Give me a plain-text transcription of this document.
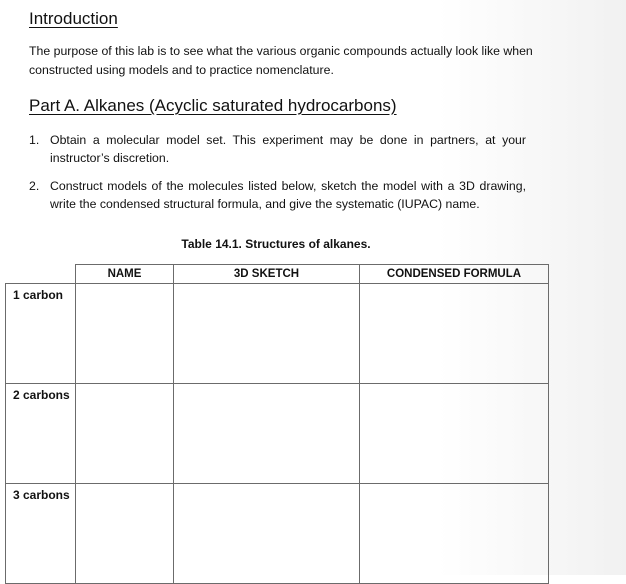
Introduction

The purpose of this lab is to see what the various organic compounds actually look like when constructed using models and to practice nomenclature.

Part A. Alkanes (Acyclic saturated hydrocarbons)
1. Obtain a molecular model set. This experiment may be done in partners, at your instructor’s discretion.
2. Construct models of the molecules listed below, sketch the model with a 3D drawing, write the condensed structural formula, and give the systematic (IUPAC) name.
Table 14.1. Structures of alkanes.
	NAME	3D SKETCH	CONDENSED FORMULA
1 carbon			
2 carbons			
3 carbons			
